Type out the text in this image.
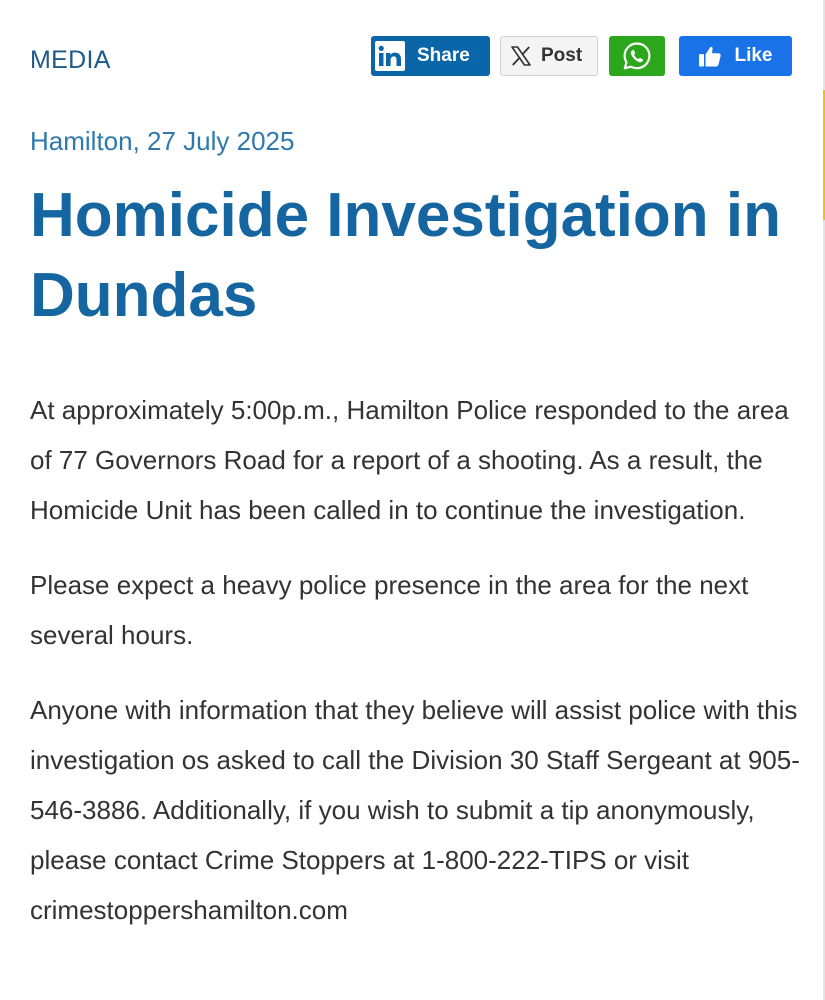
MEDIA	Share	Post	Like
Hamilton, 27 July 2025
Homicide Investigation in Dundas

At approximately 5:00p.m., Hamilton Police responded to the area of 77 Governors Road for a report of a shooting. As a result, the Homicide Unit has been called in to continue the investigation.

Please expect a heavy police presence in the area for the next several hours.

Anyone with information that they believe will assist police with this investigation os asked to call the Division 30 Staff Sergeant at 905-546-3886. Additionally, if you wish to submit a tip anonymously, please contact Crime Stoppers at 1-800-222-TIPS or visit crimestoppershamilton.com
